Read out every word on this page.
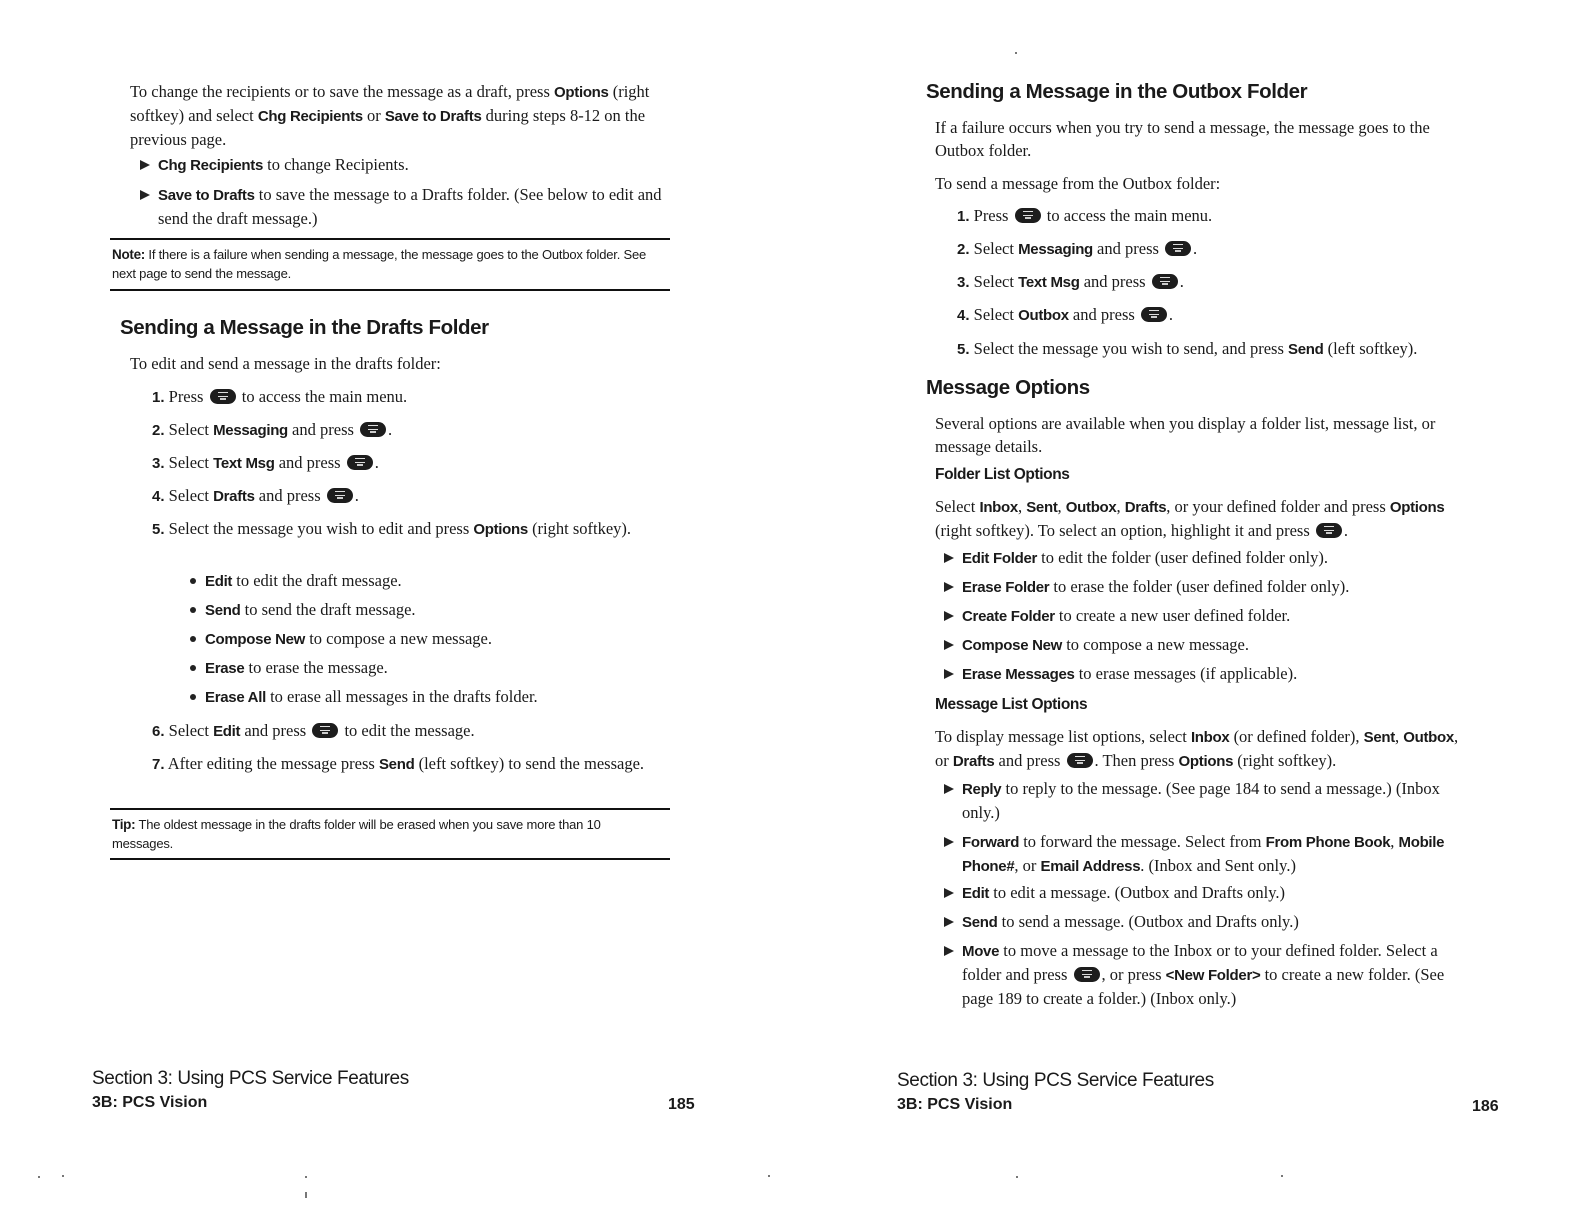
To change the recipients or to save the message as a draft, press Options (right softkey) and select Chg Recipients or Save to Drafts during steps 8-12 on the previous page.

Chg Recipients to change Recipients.

Save to Drafts to save the message to a Drafts folder. (See below to edit and send the draft message.)

Note: If there is a failure when sending a message, the message goes to the Outbox folder. See next page to send the message.

Sending a Message in the Drafts Folder

To edit and send a message in the drafts folder:

1. Press  to access the main menu.

2. Select Messaging and press .

3. Select Text Msg and press .

4. Select Drafts and press .

5. Select the message you wish to edit and press Options (right softkey).

Edit to edit the draft message.

Send to send the draft message.

Compose New to compose a new message.

Erase to erase the message.

Erase All to erase all messages in the drafts folder.

6. Select Edit and press  to edit the message.

7. After editing the message press Send (left softkey) to send the message.

Tip: The oldest message in the drafts folder will be erased when you save more than 10 messages.

Section 3: Using PCS Service Features

3B: PCS Vision	185

Sending a Message in the Outbox Folder

If a failure occurs when you try to send a message, the message goes to the Outbox folder.

To send a message from the Outbox folder:

1. Press  to access the main menu.

2. Select Messaging and press .

3. Select Text Msg and press .

4. Select Outbox and press .

5. Select the message you wish to send, and press Send (left softkey).

Message Options

Several options are available when you display a folder list, message list, or message details.

Folder List Options

Select Inbox, Sent, Outbox, Drafts, or your defined folder and press Options (right softkey). To select an option, highlight it and press .

Edit Folder to edit the folder (user defined folder only).

Erase Folder to erase the folder (user defined folder only).

Create Folder to create a new user defined folder.

Compose New to compose a new message.

Erase Messages to erase messages (if applicable).

Message List Options

To display message list options, select Inbox (or defined folder), Sent, Outbox, or Drafts and press . Then press Options (right softkey).

Reply to reply to the message. (See page 184 to send a message.) (Inbox only.)

Forward to forward the message. Select from From Phone Book, Mobile Phone#, or Email Address. (Inbox and Sent only.)

Edit to edit a message. (Outbox and Drafts only.)

Send to send a message. (Outbox and Drafts only.)

Move to move a message to the Inbox or to your defined folder. Select a folder and press , or press <New Folder> to create a new folder. (See page 189 to create a folder.) (Inbox only.)

Section 3: Using PCS Service Features

3B: PCS Vision	186
